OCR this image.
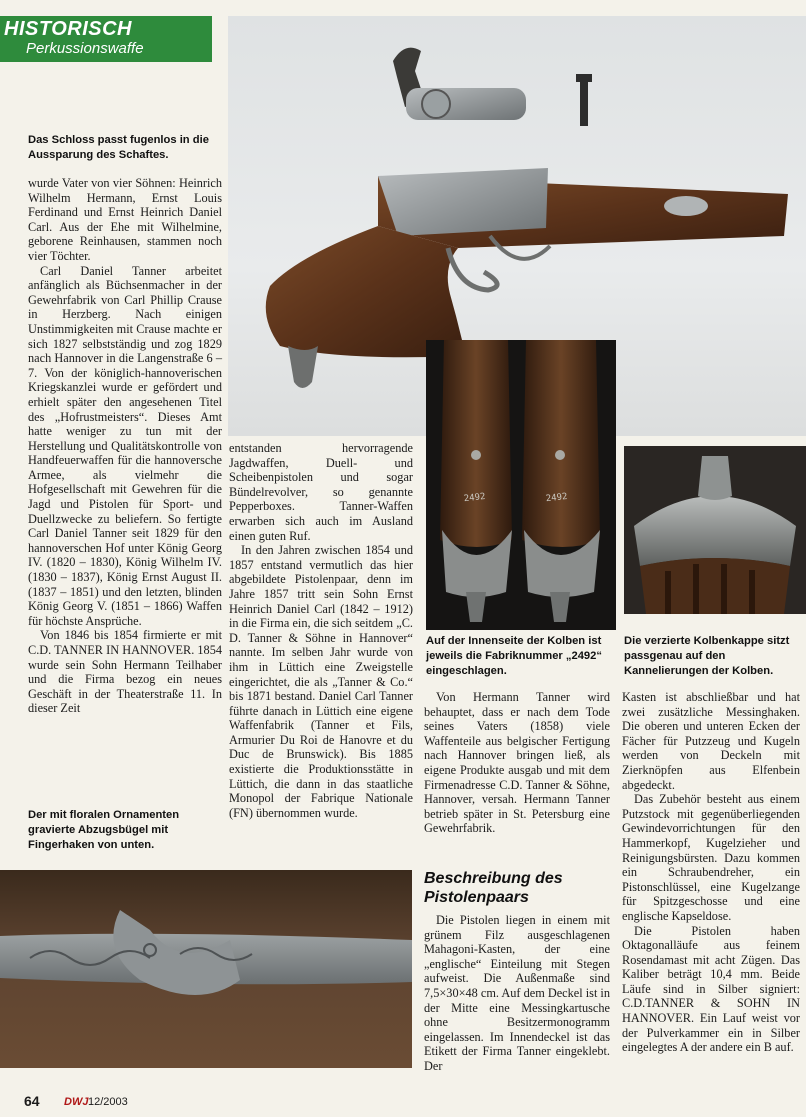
HISTORISCH
Perkussionswaffe
Das Schloss passt fugenlos in die Aussparung des Schaftes.

wurde Vater von vier Söhnen: Heinrich Wilhelm Hermann, Ernst Louis Ferdinand und Ernst Heinrich Daniel Carl. Aus der Ehe mit Wilhelmine, geborene Reinhausen, stammen noch vier Töchter.

Carl Daniel Tanner arbeitet anfänglich als Büchsenmacher in der Gewehrfabrik von Carl Phillip Crause in Herzberg. Nach einigen Unstimmigkeiten mit Crause machte er sich 1827 selbstständig und zog 1829 nach Hannover in die Langenstraße 6 – 7. Von der königlich-hannoverischen Kriegskanzlei wurde er gefördert und erhielt später den angesehenen Titel des „Hofrustmeisters“. Dieses Amt hatte weniger zu tun mit der Herstellung und Qualitätskontrolle von Handfeuerwaffen für die hannoversche Armee, als vielmehr die Hofgesellschaft mit Gewehren für die Jagd und Pistolen für Sport- und Duellzwecke zu beliefern. So fertigte Carl Daniel Tanner seit 1829 für den hannoverschen Hof unter König Georg IV. (1820 – 1830), König Wilhelm IV. (1830 – 1837), König Ernst August II. (1837 – 1851) und den letzten, blinden König Georg V. (1851 – 1866) Waffen für höchste Ansprüche.

Von 1846 bis 1854 firmierte er mit C.D. TANNER IN HANNOVER. 1854 wurde sein Sohn Hermann Teilhaber und die Firma bezog ein neues Geschäft in der Theaterstraße 11. In dieser Zeit

Der mit floralen Ornamenten gravierte Abzugsbügel mit Fingerhaken von unten.

entstanden hervorragende Jagdwaffen, Duell- und Scheibenpistolen und sogar Bündelrevolver, so genannte Pepperboxes. Tanner-Waffen erwarben sich auch im Ausland einen guten Ruf.

In den Jahren zwischen 1854 und 1857 entstand vermutlich das hier abgebildete Pistolenpaar, denn im Jahre 1857 tritt sein Sohn Ernst Heinrich Daniel Carl (1842 – 1912) in die Firma ein, die sich seitdem „C. D. Tanner & Söhne in Hannover“ nannte. Im selben Jahr wurde von ihm in Lüttich eine Zweigstelle eingerichtet, die als „Tanner & Co.“ bis 1871 bestand. Daniel Carl Tanner führte danach in Lüttich eine eigene Waffenfabrik (Tanner et Fils, Armurier Du Roi de Hanovre et du Duc de Brunswick). Bis 1885 existierte die Produktionsstätte in Lüttich, die dann in das staatliche Monopol der Fabrique Nationale (FN) übernommen wurde.

2492	2492
Auf der Innenseite der Kolben ist jeweils die Fabriknummer „2492“ eingeschlagen.
Die verzierte Kolbenkappe sitzt passgenau auf den Kannelierungen der Kolben.

Von Hermann Tanner wird behauptet, dass er nach dem Tode seines Vaters (1858) viele Waffenteile aus belgischer Fertigung nach Hannover bringen ließ, als eigene Produkte ausgab und mit dem Firmenadresse C.D. Tanner & Söhne, Hannover, versah. Hermann Tanner betrieb später in St. Petersburg eine Gewehrfabrik.

Beschreibung des Pistolenpaars

Die Pistolen liegen in einem mit grünem Filz ausgeschlagenen Mahagoni-Kasten, der eine „englische“ Einteilung mit Stegen aufweist. Die Außenmaße sind 7,5×30×48 cm. Auf dem Deckel ist in der Mitte eine Messingkartusche ohne Besitzermonogramm eingelassen. Im Innendeckel ist das Etikett der Firma Tanner eingeklebt. Der

Kasten ist abschließbar und hat zwei zusätzliche Messinghaken. Die oberen und unteren Ecken der Fächer für Putzzeug und Kugeln werden von Deckeln mit Zierknöpfen aus Elfenbein abgedeckt.

Das Zubehör besteht aus einem Putzstock mit gegenüberliegenden Gewindevorrichtungen für den Hammerkopf, Kugelzieher und Reinigungsbürsten. Dazu kommen ein Schraubendreher, ein Pistonschlüssel, eine Kugelzange für Spitzgeschosse und eine englische Kapseldose.

Die Pistolen haben Oktagonalläufe aus feinem Rosendamast mit acht Zügen. Das Kaliber beträgt 10,4 mm. Beide Läufe sind in Silber signiert: C.D.TANNER & SOHN IN HANNOVER. Ein Lauf weist vor der Pulverkammer ein in Silber eingelegtes A der andere ein B auf.

64 DWJ 12/2003
